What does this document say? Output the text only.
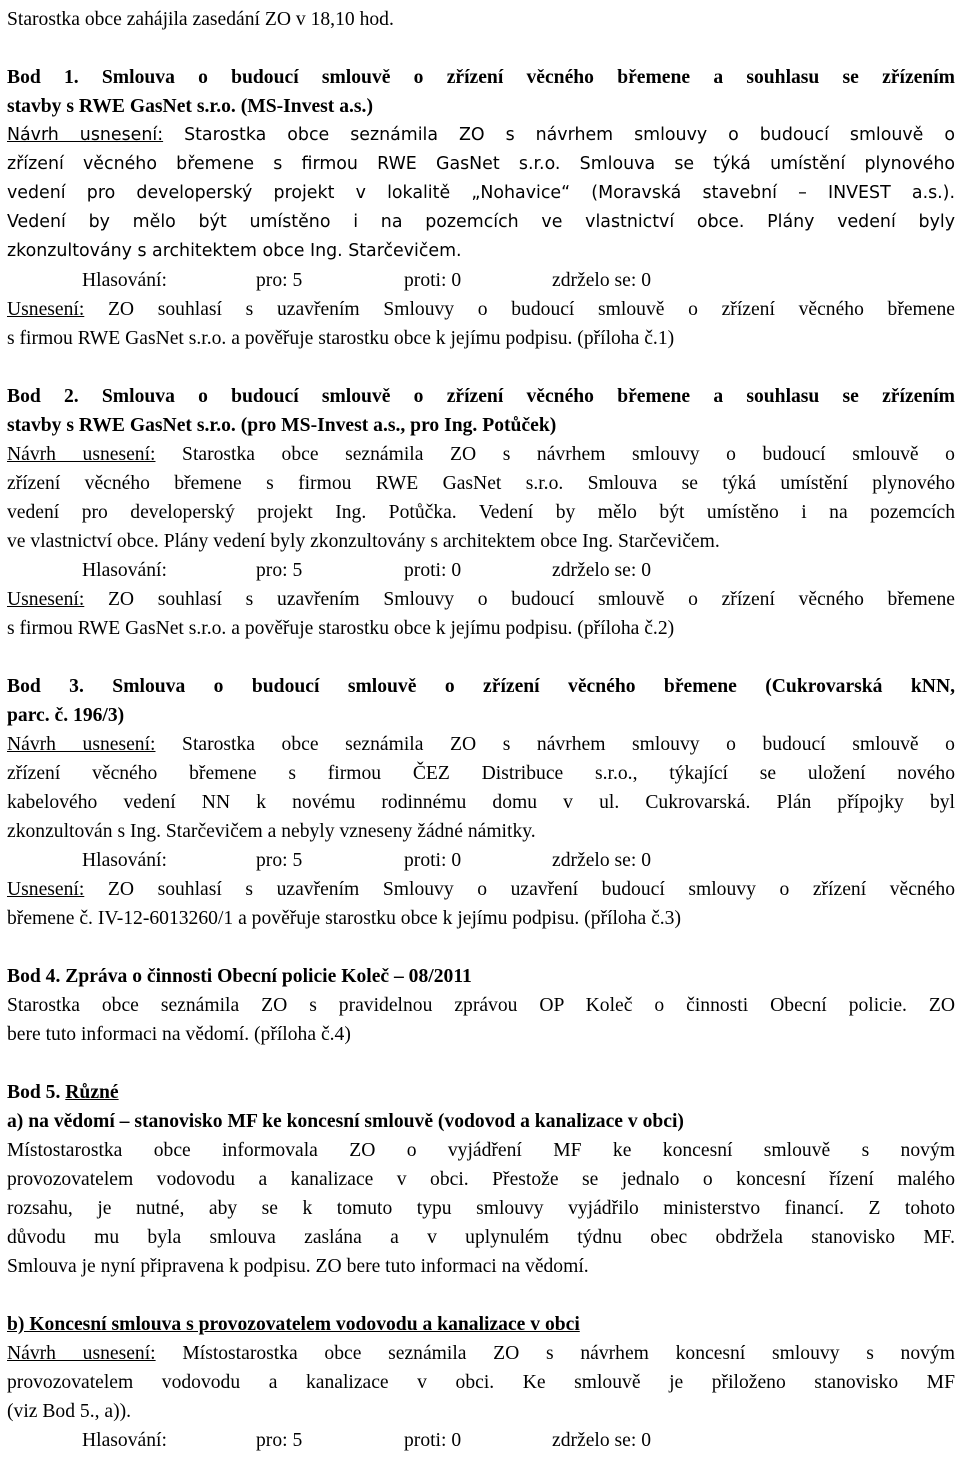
Starostka obce zahájila zasedání ZO v 18,10 hod.
Bod 1. Smlouva o budoucí smlouvě o zřízení věcného břemene a souhlasu se zřízením
stavby s RWE GasNet s.r.o. (MS-Invest a.s.)
Návrh usnesení: Starostka obce seznámila ZO s návrhem smlouvy o budoucí smlouvě o
zřízení věcného břemene s firmou RWE GasNet s.r.o. Smlouva se týká umístění plynového
vedení pro developerský projekt v lokalitě „Nohavice“ (Moravská stavební – INVEST a.s.).
Vedení by mělo být umístěno i na pozemcích ve vlastnictví obce. Plány vedení byly
zkonzultovány s architektem obce Ing. Starčevičem.
Hlasování:	pro: 5	proti: 0	zdrželo se: 0
Usnesení: ZO souhlasí s uzavřením Smlouvy o budoucí smlouvě o zřízení věcného břemene
s firmou RWE GasNet s.r.o. a pověřuje starostku obce k jejímu podpisu. (příloha č.1)
Bod 2. Smlouva o budoucí smlouvě o zřízení věcného břemene a souhlasu se zřízením
stavby s RWE GasNet s.r.o. (pro MS-Invest a.s., pro Ing. Potůček)
Návrh usnesení: Starostka obce seznámila ZO s návrhem smlouvy o budoucí smlouvě o
zřízení věcného břemene s firmou RWE GasNet s.r.o. Smlouva se týká umístění plynového
vedení pro developerský projekt Ing. Potůčka. Vedení by mělo být umístěno i na pozemcích
ve vlastnictví obce. Plány vedení byly zkonzultovány s architektem obce Ing. Starčevičem.
Hlasování:	pro: 5	proti: 0	zdrželo se: 0
Usnesení: ZO souhlasí s uzavřením Smlouvy o budoucí smlouvě o zřízení věcného břemene
s firmou RWE GasNet s.r.o. a pověřuje starostku obce k jejímu podpisu. (příloha č.2)
Bod 3. Smlouva o budoucí smlouvě o zřízení věcného břemene (Cukrovarská kNN,
parc. č. 196/3)
Návrh usnesení: Starostka obce seznámila ZO s návrhem smlouvy o budoucí smlouvě o
zřízení věcného břemene s firmou ČEZ Distribuce s.r.o., týkající se uložení nového
kabelového vedení NN k novému rodinnému domu v ul. Cukrovarská. Plán přípojky byl
zkonzultován s Ing. Starčevičem a nebyly vzneseny žádné námitky.
Hlasování:	pro: 5	proti: 0	zdrželo se: 0
Usnesení: ZO souhlasí s uzavřením Smlouvy o uzavření budoucí smlouvy o zřízení věcného
břemene č. IV-12-6013260/1 a pověřuje starostku obce k jejímu podpisu. (příloha č.3)
Bod 4. Zpráva o činnosti Obecní policie Koleč – 08/2011
Starostka obce seznámila ZO s pravidelnou zprávou OP Koleč o činnosti Obecní policie. ZO
bere tuto informaci na vědomí. (příloha č.4)
Bod 5. Různé
a) na vědomí – stanovisko MF ke koncesní smlouvě (vodovod a kanalizace v obci)
Místostarostka obce informovala ZO o vyjádření MF ke koncesní smlouvě s novým
provozovatelem vodovodu a kanalizace v obci. Přestože se jednalo o koncesní řízení malého
rozsahu, je nutné, aby se k tomuto typu smlouvy vyjádřilo ministerstvo financí. Z tohoto
důvodu mu byla smlouva zaslána a v uplynulém týdnu obec obdržela stanovisko MF.
Smlouva je nyní připravena k podpisu. ZO bere tuto informaci na vědomí.
b) Koncesní smlouva s provozovatelem vodovodu a kanalizace v obci
Návrh usnesení: Místostarostka obce seznámila ZO s návrhem koncesní smlouvy s novým
provozovatelem vodovodu a kanalizace v obci. Ke smlouvě je přiloženo stanovisko MF
(viz Bod 5., a)).
Hlasování:	pro: 5	proti: 0	zdrželo se: 0
